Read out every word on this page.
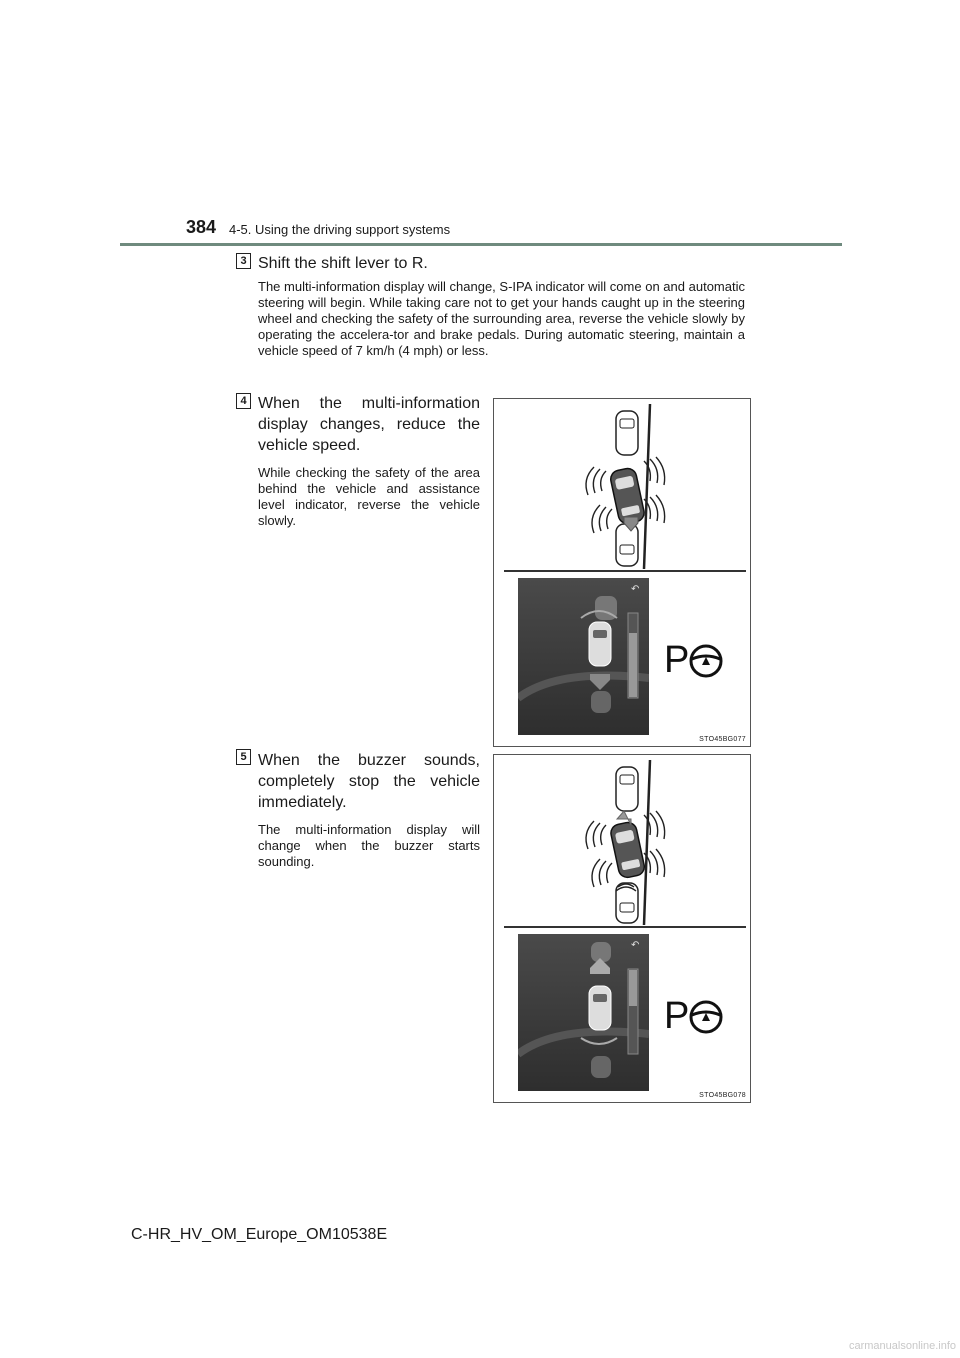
384 4-5. Using the driving support systems
3 Shift the shift lever to R.
The multi-information display will change, S-IPA indicator will come on and automatic steering will begin. While taking care not to get your hands caught up in the steering wheel and checking the safety of the surrounding area, reverse the vehicle slowly by operating the accelera-tor and brake pedals. During automatic steering, maintain a vehicle speed of 7 km/h (4 mph) or less.
4 When the multi-information display changes, reduce the vehicle speed.
While checking the safety of the area behind the vehicle and assistance level indicator, reverse the vehicle slowly.
↶
P
STO45BG077
5 When the buzzer sounds, completely stop the vehicle immediately.
The multi-information display will change when the buzzer starts sounding.
↶
P
STO45BG078
C-HR_HV_OM_Europe_OM10538E
carmanualsonline.info
